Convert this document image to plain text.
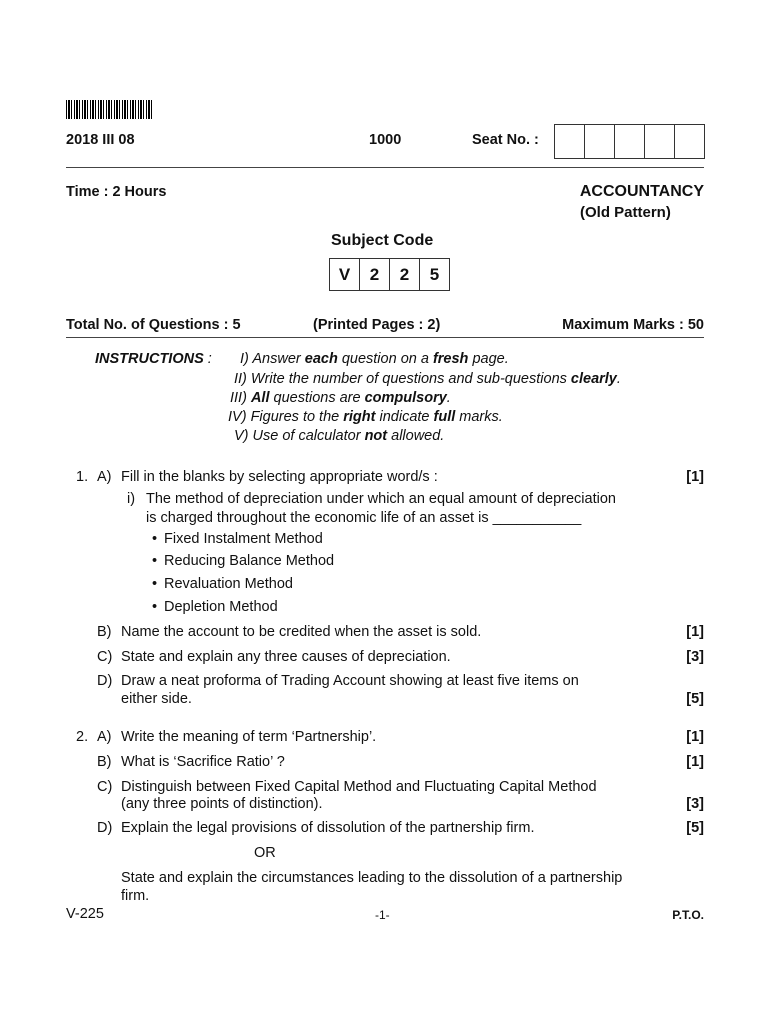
2018 III 08	1000	Seat No. :
Time : 2 Hours	ACCOUNTANCY
(Old Pattern)
Subject Code
V	2	2	5
Total No. of Questions : 5	(Printed Pages : 2)	Maximum Marks : 50
INSTRUCTIONS : I) Answer each question on a fresh page.
II) Write the number of questions and sub-questions clearly.
III) All questions are compulsory.
IV) Figures to the right indicate full marks.
V) Use of calculator not allowed.
1. A) Fill in the blanks by selecting appropriate word/s :	[1]
i) The method of depreciation under which an equal amount of depreciation
is charged throughout the economic life of an asset is ___________
• Fixed Instalment Method
• Reducing Balance Method
• Revaluation Method
• Depletion Method
B) Name the account to be credited when the asset is sold.	[1]
C) State and explain any three causes of depreciation.	[3]
D) Draw a neat proforma of Trading Account showing at least five items on
either side.	[5]
2. A) Write the meaning of term ‘Partnership’.	[1]
B) What is ‘Sacrifice Ratio’ ?	[1]
C) Distinguish between Fixed Capital Method and Fluctuating Capital Method
(any three points of distinction).	[3]
D) Explain the legal provisions of dissolution of the partnership firm.	[5]
OR
State and explain the circumstances leading to the dissolution of a partnership
firm.
V-225	-1-	P.T.O.
